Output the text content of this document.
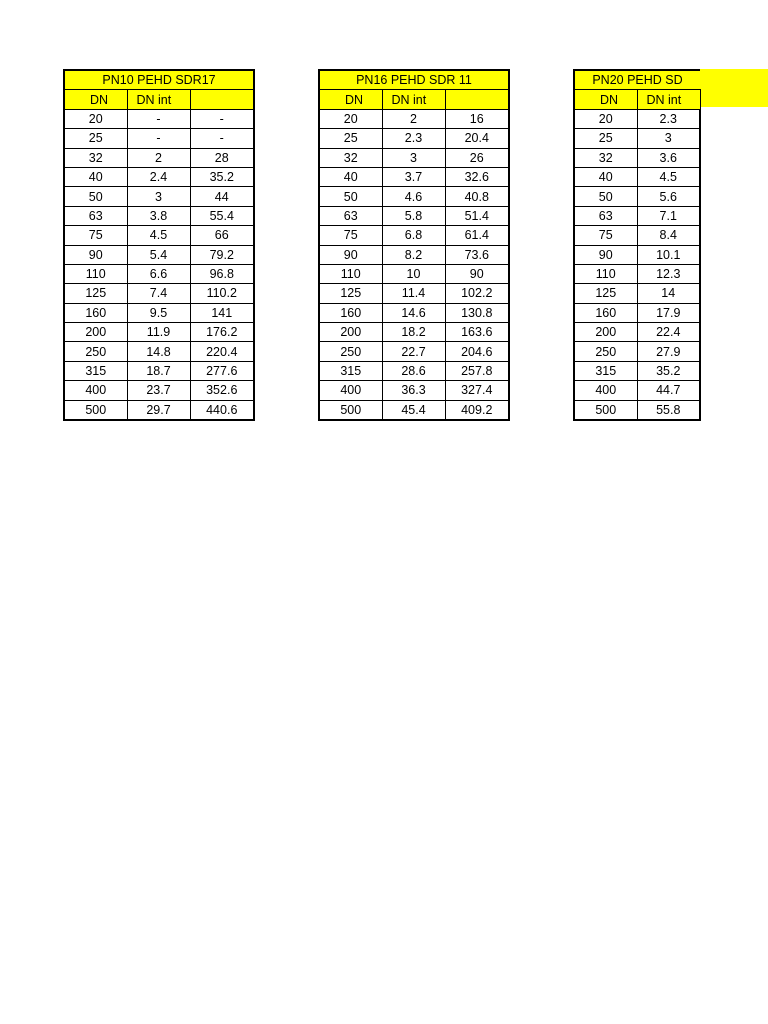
PN10 PEHD SDR17		
DN	DN int	
20	-	-
25	-	-
32	2	28
40	2.4	35.2
50	3	44
63	3.8	55.4
75	4.5	66
90	5.4	79.2
110	6.6	96.8
125	7.4	110.2
160	9.5	141
200	11.9	176.2
250	14.8	220.4
315	18.7	277.6
400	23.7	352.6
500	29.7	440.6
PN16 PEHD SDR 11		
DN	DN int	
20	2	16
25	2.3	20.4
32	3	26
40	3.7	32.6
50	4.6	40.8
63	5.8	51.4
75	6.8	61.4
90	8.2	73.6
110	10	90
125	11.4	102.2
160	14.6	130.8
200	18.2	163.6
250	22.7	204.6
315	28.6	257.8
400	36.3	327.4
500	45.4	409.2
PN20 PEHD SD	
DN	DN int
20	2.3
25	3
32	3.6
40	4.5
50	5.6
63	7.1
75	8.4
90	10.1
110	12.3
125	14
160	17.9
200	22.4
250	27.9
315	35.2
400	44.7
500	55.8
